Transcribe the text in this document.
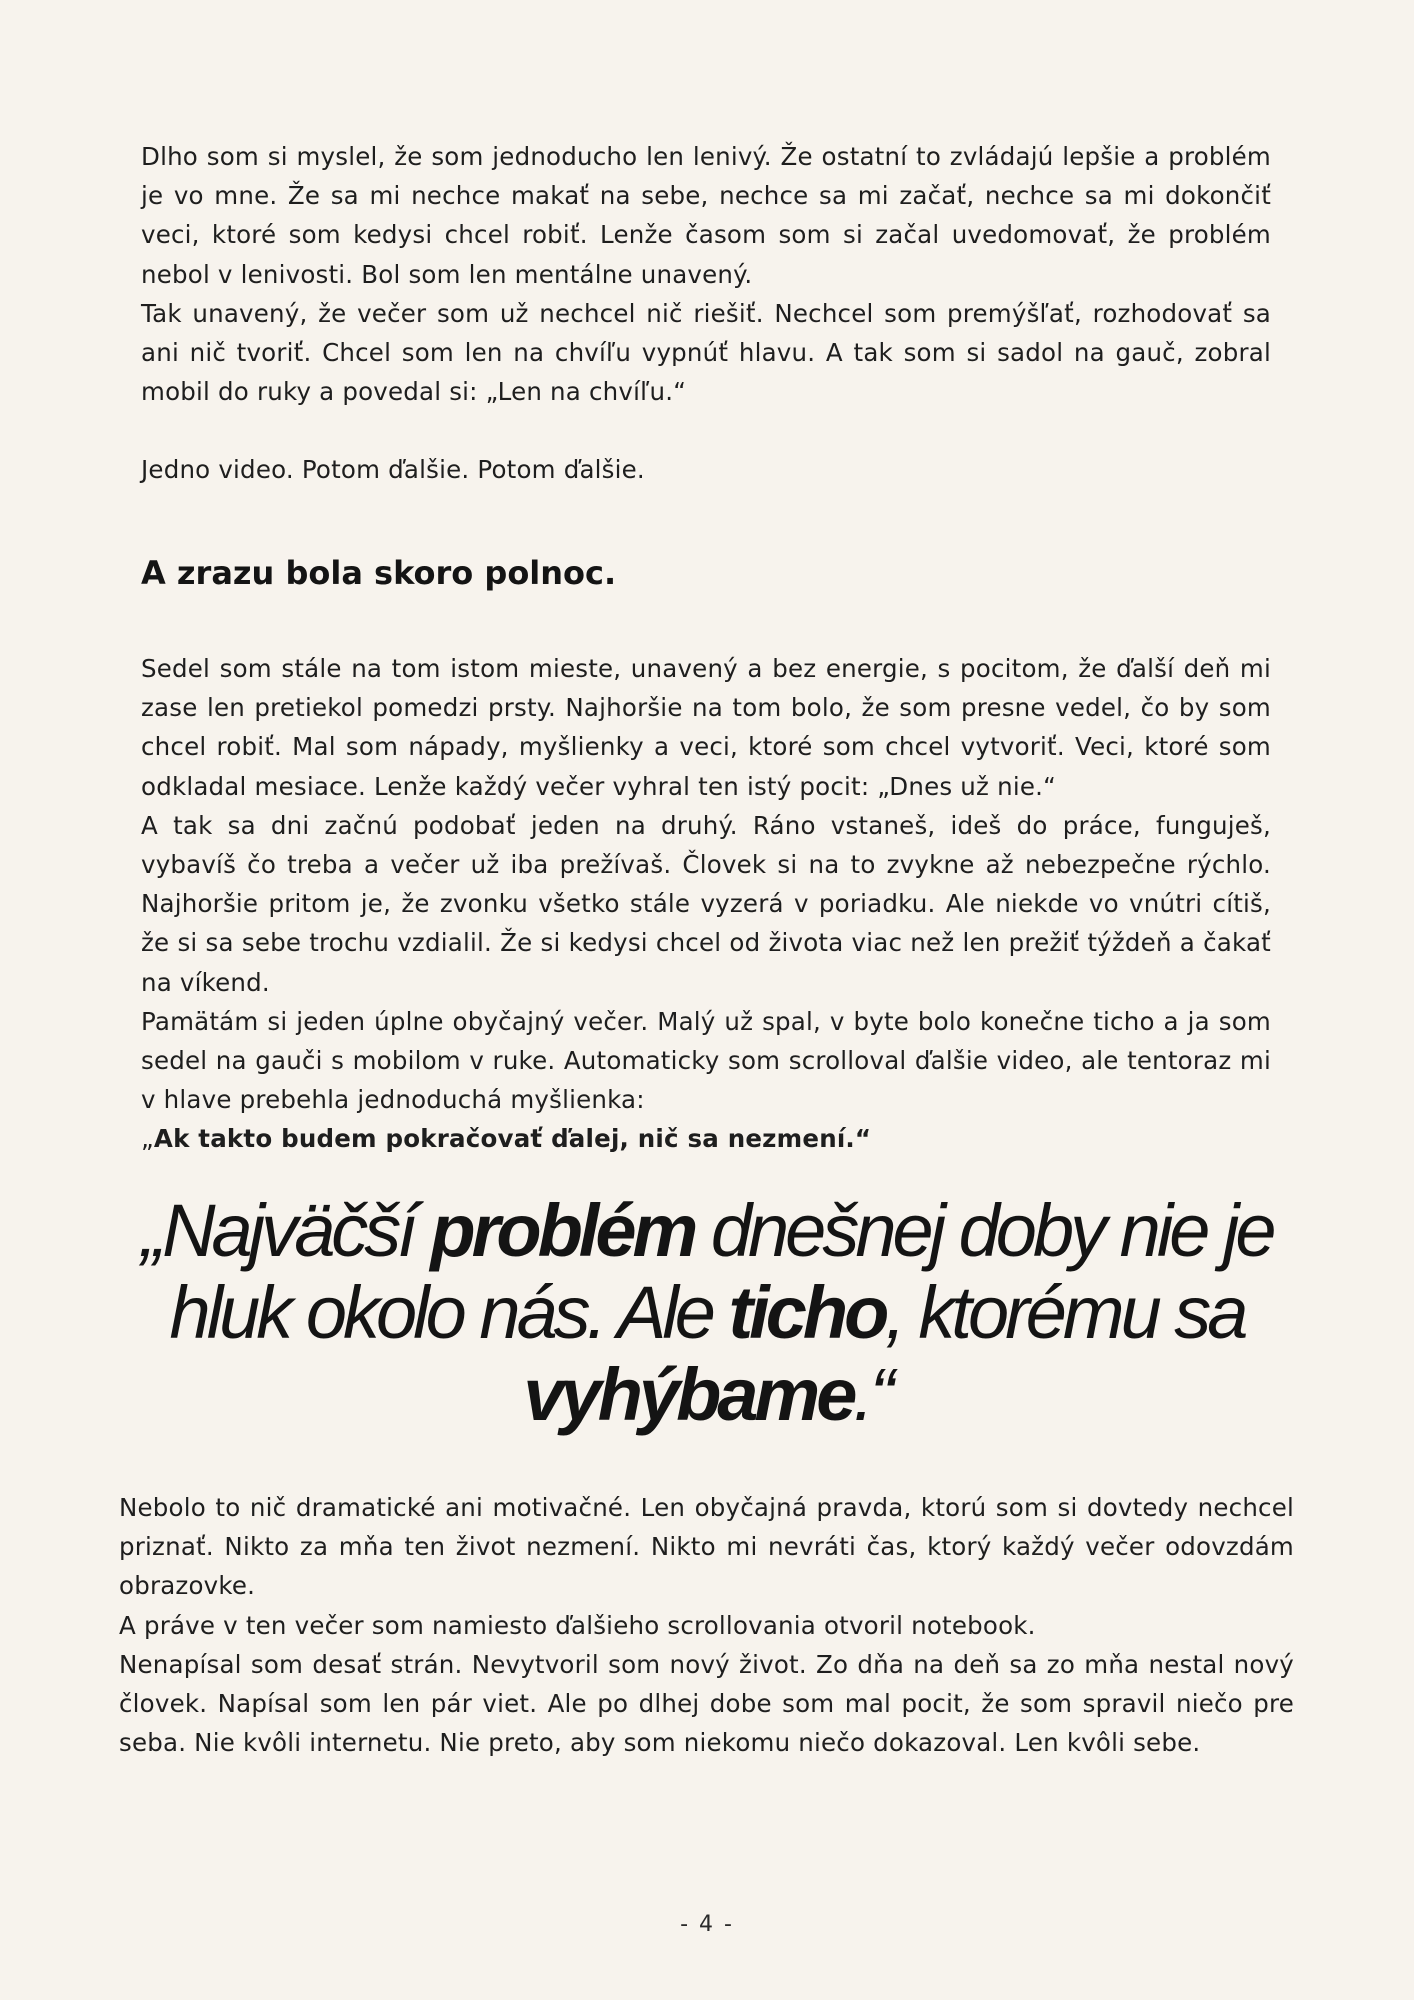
Dlho som si myslel, že som jednoducho len lenivý. Že ostatní to zvládajú lepšie a problém je vo mne. Že sa mi nechce makať na sebe, nechce sa mi začať, nechce sa mi dokončiť veci, ktoré som kedysi chcel robiť. Lenže časom som si začal uvedomovať, že problém nebol v lenivosti. Bol som len mentálne unavený.

Tak unavený, že večer som už nechcel nič riešiť. Nechcel som premýšľať, rozhodovať sa ani nič tvoriť. Chcel som len na chvíľu vypnúť hlavu. A tak som si sadol na gauč, zobral mobil do ruky a povedal si: „Len na chvíľu.“

Jedno video. Potom ďalšie. Potom ďalšie.

A zrazu bola skoro polnoc.

Sedel som stále na tom istom mieste, unavený a bez energie, s pocitom, že ďalší deň mi zase len pretiekol pomedzi prsty. Najhoršie na tom bolo, že som presne vedel, čo by som chcel robiť. Mal som nápady, myšlienky a veci, ktoré som chcel vytvoriť. Veci, ktoré som odkladal mesiace. Lenže každý večer vyhral ten istý pocit: „Dnes už nie.“

A tak sa dni začnú podobať jeden na druhý. Ráno vstaneš, ideš do práce, funguješ, vybavíš čo treba a večer už iba prežívaš. Človek si na to zvykne až nebezpečne rýchlo. Najhoršie pritom je, že zvonku všetko stále vyzerá v poriadku. Ale niekde vo vnútri cítiš, že si sa sebe trochu vzdialil. Že si kedysi chcel od života viac než len prežiť týždeň a čakať na víkend.

Pamätám si jeden úplne obyčajný večer. Malý už spal, v byte bolo konečne ticho a ja som sedel na gauči s mobilom v ruke. Automaticky som scrolloval ďalšie video, ale tentoraz mi v hlave prebehla jednoduchá myšlienka:

„Ak takto budem pokračovať ďalej, nič sa nezmení.“

„Najväčší problém dnešnej doby nie je hluk okolo nás. Ale ticho, ktorému sa vyhýbame.“

Nebolo to nič dramatické ani motivačné. Len obyčajná pravda, ktorú som si dovtedy nechcel priznať. Nikto za mňa ten život nezmení. Nikto mi nevráti čas, ktorý každý večer odovzdám obrazovke.

A práve v ten večer som namiesto ďalšieho scrollovania otvoril notebook.

Nenapísal som desať strán. Nevytvoril som nový život. Zo dňa na deň sa zo mňa nestal nový človek. Napísal som len pár viet. Ale po dlhej dobe som mal pocit, že som spravil niečo pre seba. Nie kvôli internetu. Nie preto, aby som niekomu niečo dokazoval. Len kvôli sebe.

- 4 -
